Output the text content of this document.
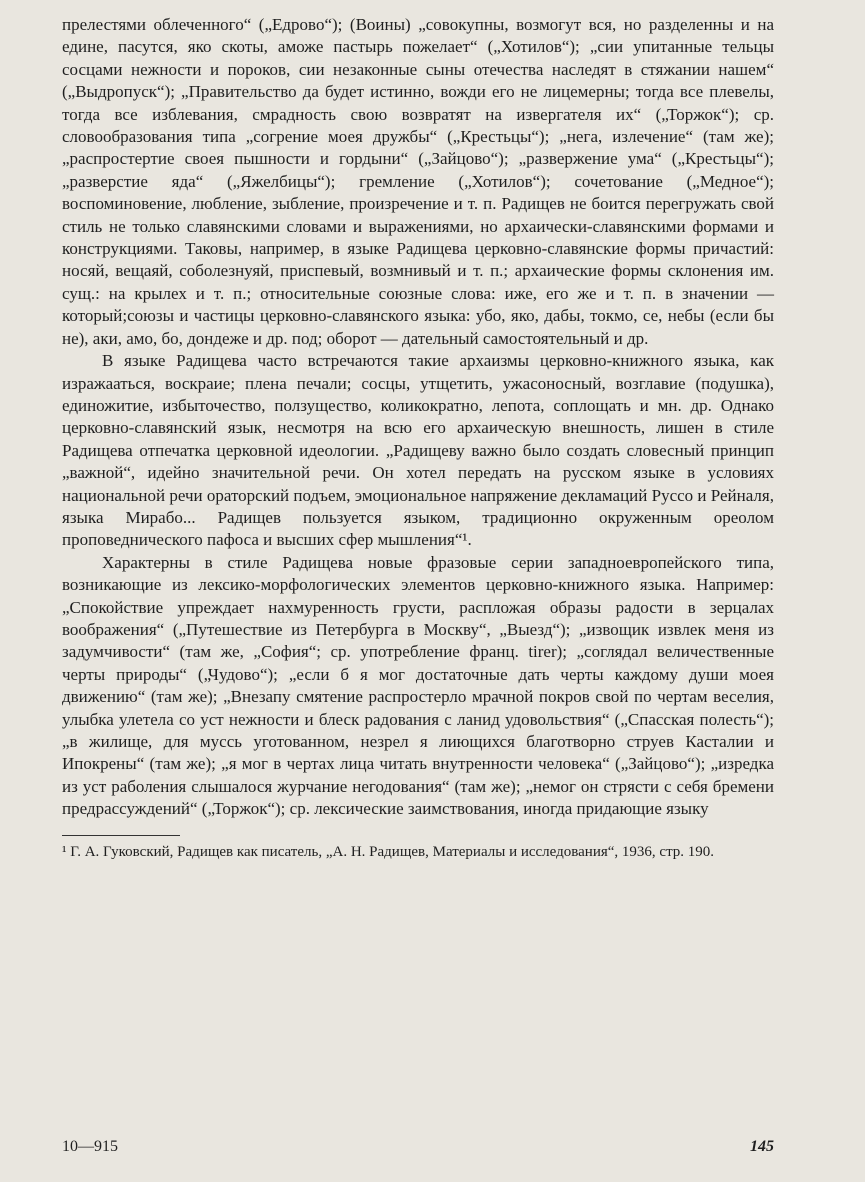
прелестями облеченного“ („Едрово“); (Воины) „совокупны, возмогут вся, но разделенны и на едине, пасутся, яко скоты, аможе пастырь пожелает“ („Хотилов“); „сии упитанные тельцы сосцами нежности и пороков, сии незаконные сыны отечества наследят в стяжании нашем“ („Выдропуск“); „Правительство да будет истинно, вожди его не лицемерны; тогда все плевелы, тогда все изблевания, смрадность свою возвратят на извергателя их“ („Торжок“); ср. словообразования типа „согрение моея дружбы“ („Крестьцы“); „нега, излечение“ (там же); „распростертие своея пышности и гордыни“ („Зайцово“); „развержение ума“ („Крестьцы“); „разверстие яда“ („Яжелбицы“); гремление („Хотилов“); сочетование („Медное“); воспоминовение, любление, зыбление, произречение и т. п. Радищев не боится перегружать свой стиль не только славянскими словами и выражениями, но архаически-славянскими формами и конструкциями. Таковы, например, в языке Радищева церковно-славянские формы причастий: носяй, вещаяй, соболезнуяй, приспевый, возмнивый и т. п.; архаические формы склонения им. сущ.: на крылех и т. п.; относительные союзные слова: иже, его же и т. п. в значении — который;союзы и частицы церковно-славянского языка: убо, яко, дабы, токмо, се, небы (если бы не), аки, амо, бо, дондеже и др. под; оборот — дательный самостоятельный и др.

В языке Радищева часто встречаются такие архаизмы церковно-книжного языка, как изражааться, воскраие; плена печали; сосцы, утщетить, ужасоносный, возглавие (подушка), единожитие, избыточество, ползущество, коликократно, лепота, соплощать и мн. др. Однако церковно-славянский язык, несмотря на всю его архаическую внешность, лишен в стиле Радищева отпечатка церковной идеологии. „Радищеву важно было создать словесный принцип „важной“, идейно значительной речи. Он хотел передать на русском языке в условиях национальной речи ораторский подъем, эмоциональное напряжение декламаций Руссо и Рейналя, языка Мирабо... Радищев пользуется языком, традиционно окруженным ореолом проповеднического пафоса и высших сфер мышления“¹.

Характерны в стиле Радищева новые фразовые серии западноевропейского типа, возникающие из лексико-морфологических элементов церковно-книжного языка. Например: „Спокойствие упреждает нахмуренность грусти, распложая образы радости в зерцалах воображения“ („Путешествие из Петербурга в Москву“, „Выезд“); „извощик извлек меня из задумчивости“ (там же, „София“; ср. употребление франц. tirer); „соглядал величественные черты природы“ („Чудово“); „если б я мог достаточные дать черты каждому души моея движению“ (там же); „Внезапу смятение распростерло мрачной покров свой по чертам веселия, улыбка улетела со уст нежности и блеск радования с ланид удовольствия“ („Спасская полесть“); „в жилище, для муссь уготованном, незрел я лиющихся благотворно струев Касталии и Ипокрены“ (там же); „я мог в чертах лица читать внутренности человека“ („Зайцово“); „изредка из уст раболения слышалося журчание негодования“ (там же); „немог он стрясти с себя бремени предрассуждений“ („Торжок“); ср. лексические заимствования, иногда придающие языку

¹ Г. А. Гуковский, Радищев как писатель, „А. Н. Радищев, Материалы и исследования“, 1936, стр. 190.
10—915	145
